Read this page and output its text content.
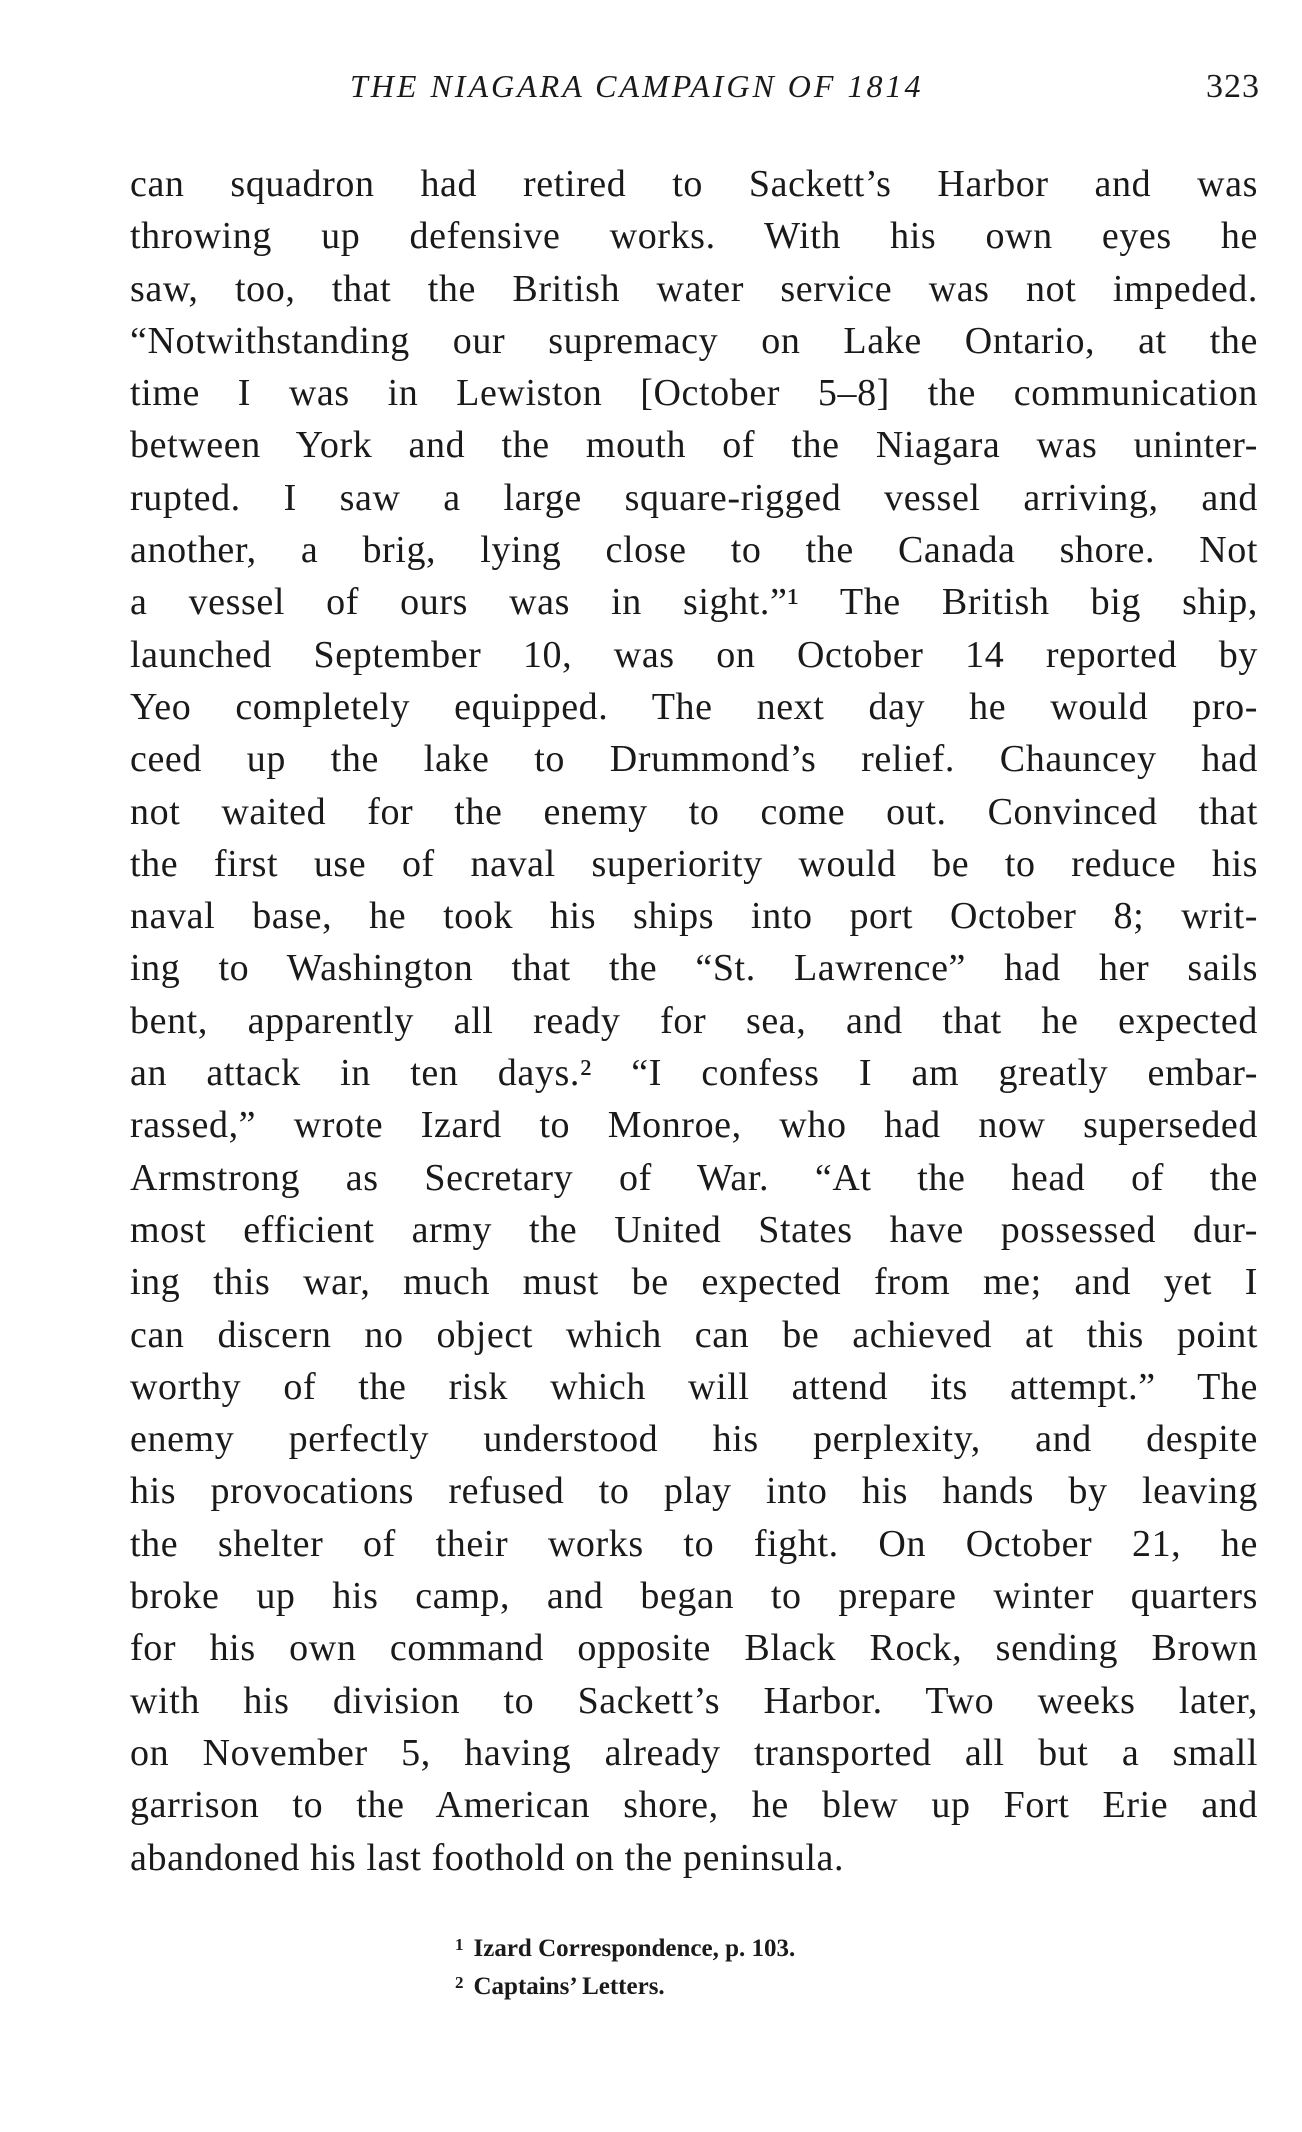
THE NIAGARA CAMPAIGN OF 1814	323
can squadron had retired to Sackett’s Harbor and was
throwing up defensive works. With his own eyes he
saw, too, that the British water service was not impeded.
“Notwithstanding our supremacy on Lake Ontario, at the
time I was in Lewiston [October 5–8] the communication
between York and the mouth of the Niagara was uninter-
rupted. I saw a large square-rigged vessel arriving, and
another, a brig, lying close to the Canada shore. Not
a vessel of ours was in sight.”¹ The British big ship,
launched September 10, was on October 14 reported by
Yeo completely equipped. The next day he would pro-
ceed up the lake to Drummond’s relief. Chauncey had
not waited for the enemy to come out. Convinced that
the first use of naval superiority would be to reduce his
naval base, he took his ships into port October 8; writ-
ing to Washington that the “St. Lawrence” had her sails
bent, apparently all ready for sea, and that he expected
an attack in ten days.² “I confess I am greatly embar-
rassed,” wrote Izard to Monroe, who had now superseded
Armstrong as Secretary of War. “At the head of the
most efficient army the United States have possessed dur-
ing this war, much must be expected from me; and yet I
can discern no object which can be achieved at this point
worthy of the risk which will attend its attempt.” The
enemy perfectly understood his perplexity, and despite
his provocations refused to play into his hands by leaving
the shelter of their works to fight. On October 21, he
broke up his camp, and began to prepare winter quarters
for his own command opposite Black Rock, sending Brown
with his division to Sackett’s Harbor. Two weeks later,
on November 5, having already transported all but a small
garrison to the American shore, he blew up Fort Erie and
abandoned his last foothold on the peninsula.
$^1$ Izard Correspondence, p. 103.
$^2$ Captains’ Letters.
